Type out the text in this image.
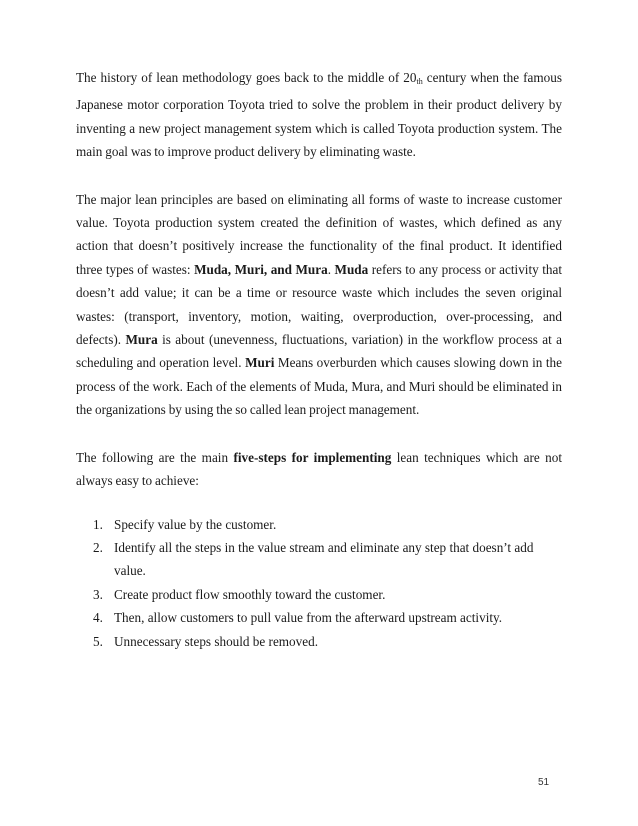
The history of lean methodology goes back to the middle of $20_{th}$ century when the famous Japanese motor corporation Toyota tried to solve the problem in their product delivery by inventing a new project management system which is called Toyota production system. The main goal was to improve product delivery by eliminating waste.

The major lean principles are based on eliminating all forms of waste to increase customer value. Toyota production system created the definition of wastes, which defined as any action that doesn’t positively increase the functionality of the final product. It identified three types of wastes: Muda, Muri, and Mura. Muda refers to any process or activity that doesn’t add value; it can be a time or resource waste which includes the seven original wastes: (transport, inventory, motion, waiting, overproduction, over-processing, and defects). Mura is about (unevenness, fluctuations, variation) in the workflow process at a scheduling and operation level. Muri Means overburden which causes slowing down in the process of the work. Each of the elements of Muda, Mura, and Muri should be eliminated in the organizations by using the so called lean project management.

The following are the main five-steps for implementing lean techniques which are not always easy to achieve:

1. Specify value by the customer.
2. Identify all the steps in the value stream and eliminate any step that doesn’t add value.
3. Create product flow smoothly toward the customer.
4. Then, allow customers to pull value from the afterward upstream activity.
5. Unnecessary steps should be removed.
51
